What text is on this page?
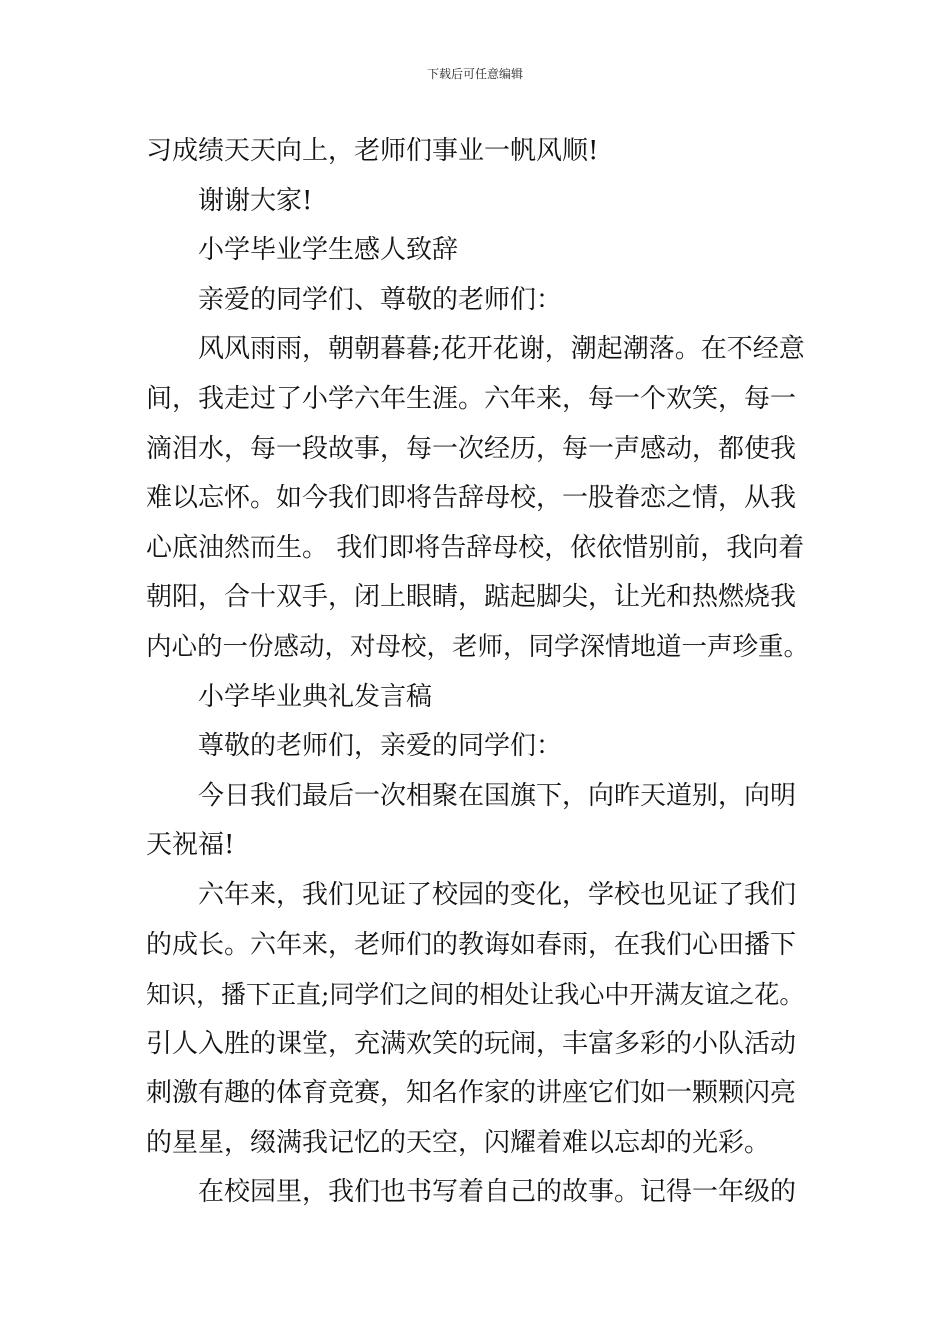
下载后可任意编辑
习成绩天天向上，老师们事业一帆风顺!
谢谢大家!
小学毕业学生感人致辞
亲爱的同学们、尊敬的老师们：
风风雨雨，朝朝暮暮;花开花谢，潮起潮落。在不经意
间，我走过了小学六年生涯。六年来，每一个欢笑，每一
滴泪水，每一段故事，每一次经历，每一声感动，都使我
难以忘怀。如今我们即将告辞母校，一股眷恋之情，从我
心底油然而生。 我们即将告辞母校，依依惜别前，我向着
朝阳，合十双手，闭上眼睛，踮起脚尖，让光和热燃烧我
内心的一份感动，对母校，老师，同学深情地道一声珍重。
小学毕业典礼发言稿
尊敬的老师们，亲爱的同学们：
今日我们最后一次相聚在国旗下，向昨天道别，向明
天祝福!
六年来，我们见证了校园的变化，学校也见证了我们
的成长。六年来，老师们的教诲如春雨，在我们心田播下
知识，播下正直;同学们之间的相处让我心中开满友谊之花。
引人入胜的课堂，充满欢笑的玩闹，丰富多彩的小队活动
刺激有趣的体育竞赛，知名作家的讲座它们如一颗颗闪亮
的星星，缀满我记忆的天空，闪耀着难以忘却的光彩。
在校园里，我们也书写着自己的故事。记得一年级的
